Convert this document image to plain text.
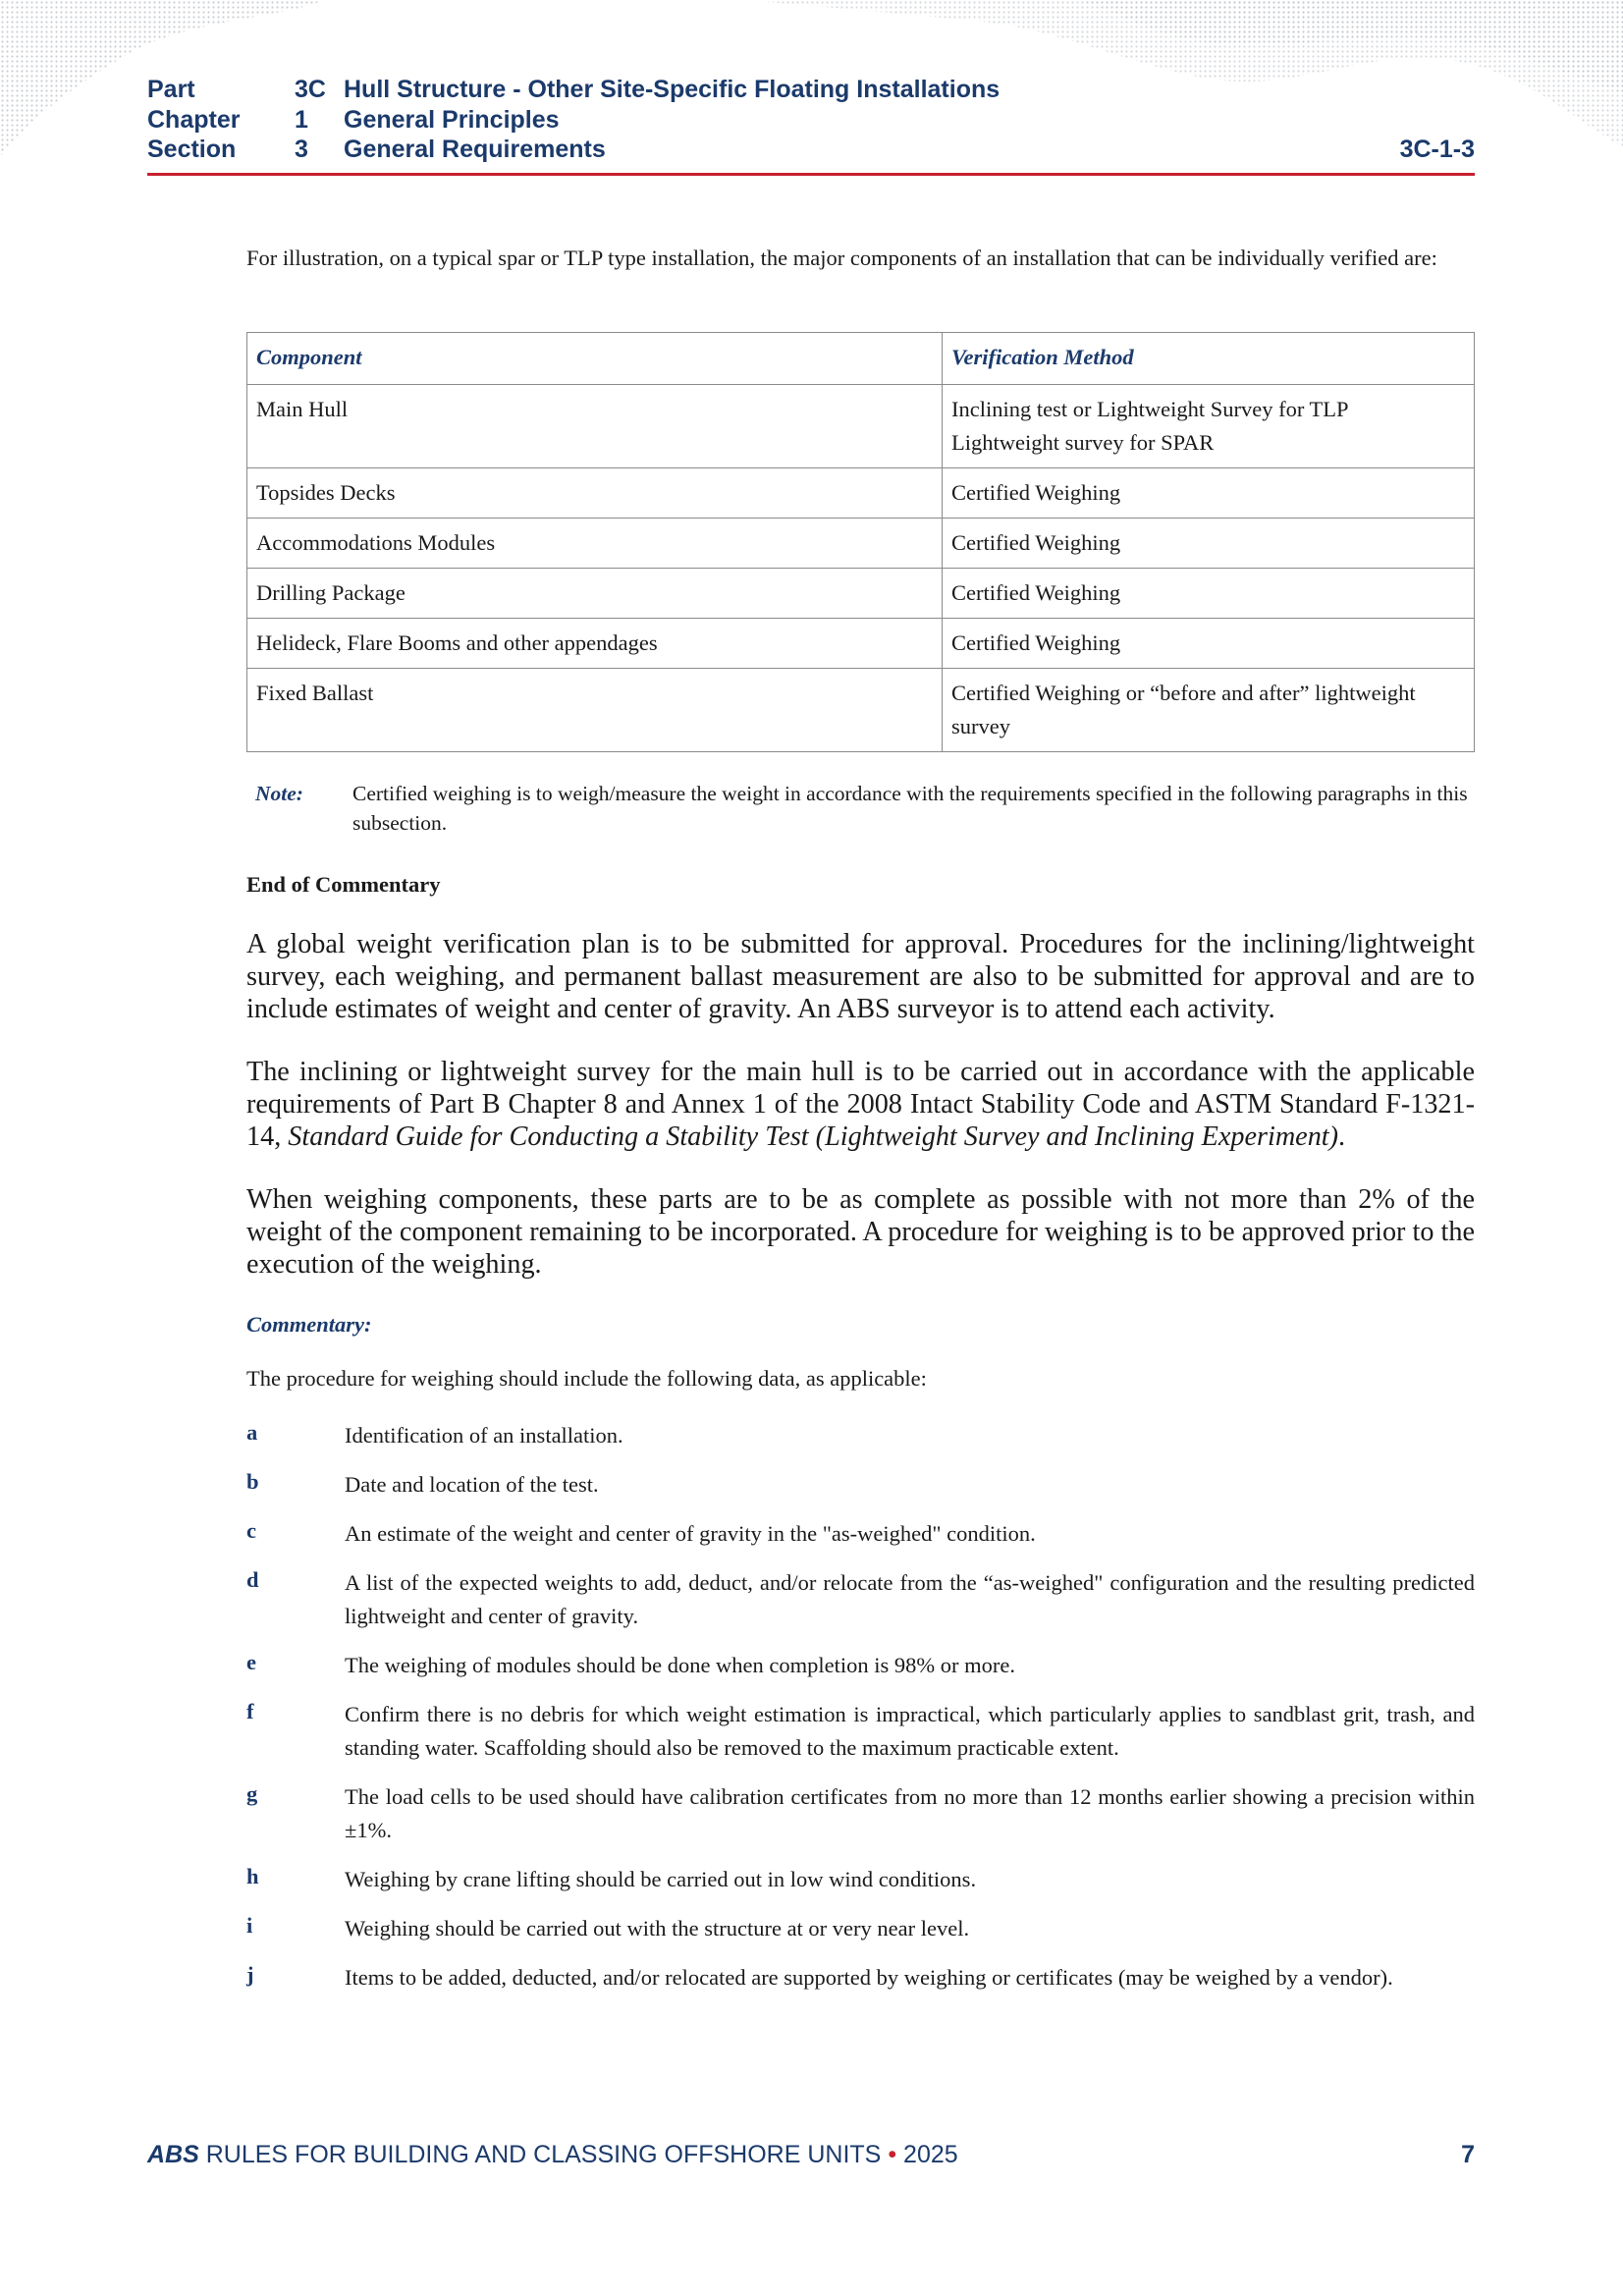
Part	3C Hull Structure - Other Site-Specific Floating Installations
Chapter 1 General Principles
Section 3 General Requirements	3C-1-3

For illustration, on a typical spar or TLP type installation, the major components of an installation that can be individually verified are:

Component	Verification Method
Main Hull	Inclining test or Lightweight Survey for TLP
Lightweight survey for SPAR
Topsides Decks	Certified Weighing
Accommodations Modules	Certified Weighing
Drilling Package	Certified Weighing
Helideck, Flare Booms and other appendages	Certified Weighing
Fixed Ballast	Certified Weighing or “before and after” lightweight survey
Note: Certified weighing is to weigh/measure the weight in accordance with the requirements specified in the following paragraphs in this subsection.

End of Commentary

A global weight verification plan is to be submitted for approval. Procedures for the inclining/lightweight survey, each weighing, and permanent ballast measurement are also to be submitted for approval and are to include estimates of weight and center of gravity. An ABS surveyor is to attend each activity.

The inclining or lightweight survey for the main hull is to be carried out in accordance with the applicable requirements of Part B Chapter 8 and Annex 1 of the 2008 Intact Stability Code and ASTM Standard F-1321-14, Standard Guide for Conducting a Stability Test (Lightweight Survey and Inclining Experiment).

When weighing components, these parts are to be as complete as possible with not more than 2% of the weight of the component remaining to be incorporated. A procedure for weighing is to be approved prior to the execution of the weighing.

Commentary:

The procedure for weighing should include the following data, as applicable:

a	Identification of an installation.
b	Date and location of the test.
c	An estimate of the weight and center of gravity in the "as-weighed" condition.
d	A list of the expected weights to add, deduct, and/or relocate from the “as-weighed" configuration and the resulting predicted lightweight and center of gravity.
e	The weighing of modules should be done when completion is 98% or more.
f	Confirm there is no debris for which weight estimation is impractical, which particularly applies to sandblast grit, trash, and standing water. Scaffolding should also be removed to the maximum practicable extent.
g	The load cells to be used should have calibration certificates from no more than 12 months earlier showing a precision within ±1%.
h	Weighing by crane lifting should be carried out in low wind conditions.
i	Weighing should be carried out with the structure at or very near level.
j	Items to be added, deducted, and/or relocated are supported by weighing or certificates (may be weighed by a vendor).
ABS RULES FOR BUILDING AND CLASSING OFFSHORE UNITS • 2025	7
